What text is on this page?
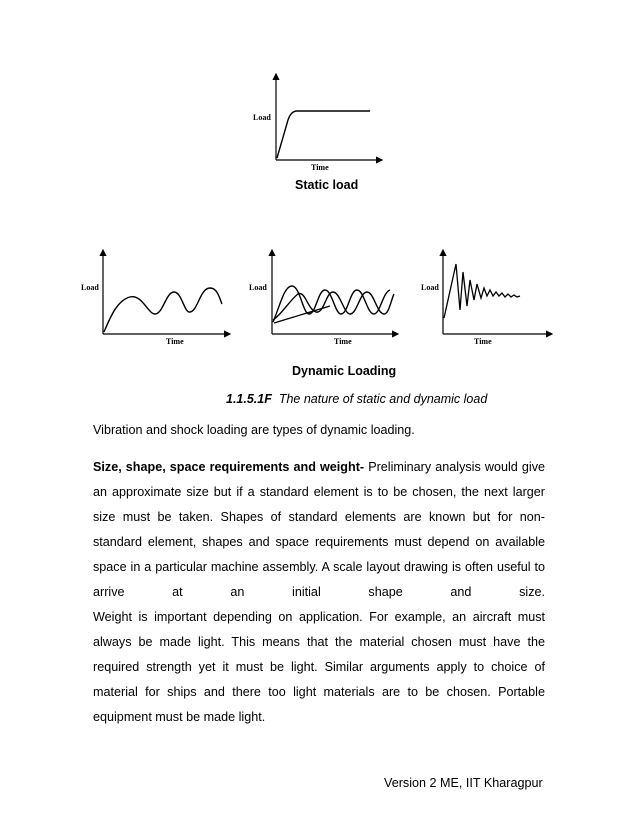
Load
Time
Load
Time
Load
Time
Load
Time
Static load
Dynamic Loading
1.1.5.1F The nature of static and dynamic load
Vibration and shock loading are types of dynamic loading.
Size, shape, space requirements and weight- Preliminary analysis would give
an approximate size but if a standard element is to be chosen, the next larger
size must be taken. Shapes of standard elements are known but for non-
standard element, shapes and space requirements must depend on available
space in a particular machine assembly. A scale layout drawing is often useful to
arrive at an initial shape and size.
Weight is important depending on application. For example, an aircraft must
always be made light. This means that the material chosen must have the
required strength yet it must be light. Similar arguments apply to choice of
material for ships and there too light materials are to be chosen. Portable
equipment must be made light.
Version 2 ME, IIT Kharagpur
